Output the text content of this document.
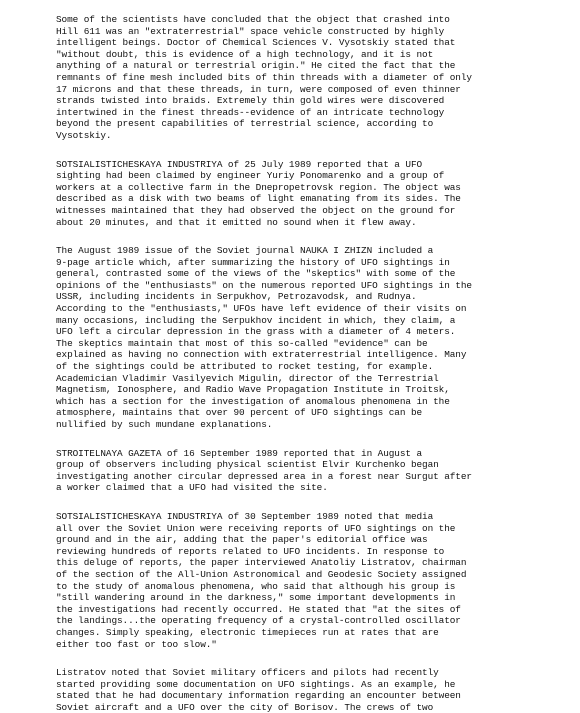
Some of the scientists have concluded that the object that crashed into
Hill 611 was an "extraterrestrial" space vehicle constructed by highly
intelligent beings. Doctor of Chemical Sciences V. Vysotskiy stated that
"without doubt, this is evidence of a high technology, and it is not
anything of a natural or terrestrial origin." He cited the fact that the
remnants of fine mesh included bits of thin threads with a diameter of only
17 microns and that these threads, in turn, were composed of even thinner
strands twisted into braids. Extremely thin gold wires were discovered
intertwined in the finest threads--evidence of an intricate technology
beyond the present capabilities of terrestrial science, according to
Vysotskiy.

SOTSIALISTICHESKAYA INDUSTRIYA of 25 July 1989 reported that a UFO
sighting had been claimed by engineer Yuriy Ponomarenko and a group of
workers at a collective farm in the Dnepropetrovsk region. The object was
described as a disk with two beams of light emanating from its sides. The
witnesses maintained that they had observed the object on the ground for
about 20 minutes, and that it emitted no sound when it flew away.

The August 1989 issue of the Soviet journal NAUKA I ZHIZN included a
9-page article which, after summarizing the history of UFO sightings in
general, contrasted some of the views of the "skeptics" with some of the
opinions of the "enthusiasts" on the numerous reported UFO sightings in the
USSR, including incidents in Serpukhov, Petrozavodsk, and Rudnya.
According to the "enthusiasts," UFOs have left evidence of their visits on
many occasions, including the Serpukhov incident in which, they claim, a
UFO left a circular depression in the grass with a diameter of 4 meters.
The skeptics maintain that most of this so-called "evidence" can be
explained as having no connection with extraterrestrial intelligence. Many
of the sightings could be attributed to rocket testing, for example.
Academician Vladimir Vasilyevich Migulin, director of the Terrestrial
Magnetism, Ionosphere, and Radio Wave Propagation Institute in Troitsk,
which has a section for the investigation of anomalous phenomena in the
atmosphere, maintains that over 90 percent of UFO sightings can be
nullified by such mundane explanations.

STROITELNAYA GAZETA of 16 September 1989 reported that in August a
group of observers including physical scientist Elvir Kurchenko began
investigating another circular depressed area in a forest near Surgut after
a worker claimed that a UFO had visited the site.

SOTSIALISTICHESKAYA INDUSTRIYA of 30 September 1989 noted that media
all over the Soviet Union were receiving reports of UFO sightings on the
ground and in the air, adding that the paper's editorial office was
reviewing hundreds of reports related to UFO incidents. In response to
this deluge of reports, the paper interviewed Anatoliy Listratov, chairman
of the section of the All-Union Astronomical and Geodesic Society assigned
to the study of anomalous phenomena, who said that although his group is
"still wandering around in the darkness," some important developments in
the investigations had recently occurred. He stated that "at the sites of
the landings...the operating frequency of a crystal-controlled oscillator
changes. Simply speaking, electronic timepieces run at rates that are
either too fast or too slow."

Listratov noted that Soviet military officers and pilots had recently
started providing some documentation on UFO sightings. As an example, he
stated that he had documentary information regarding an encounter between
Soviet aircraft and a UFO over the city of Borisov. The crews of two
